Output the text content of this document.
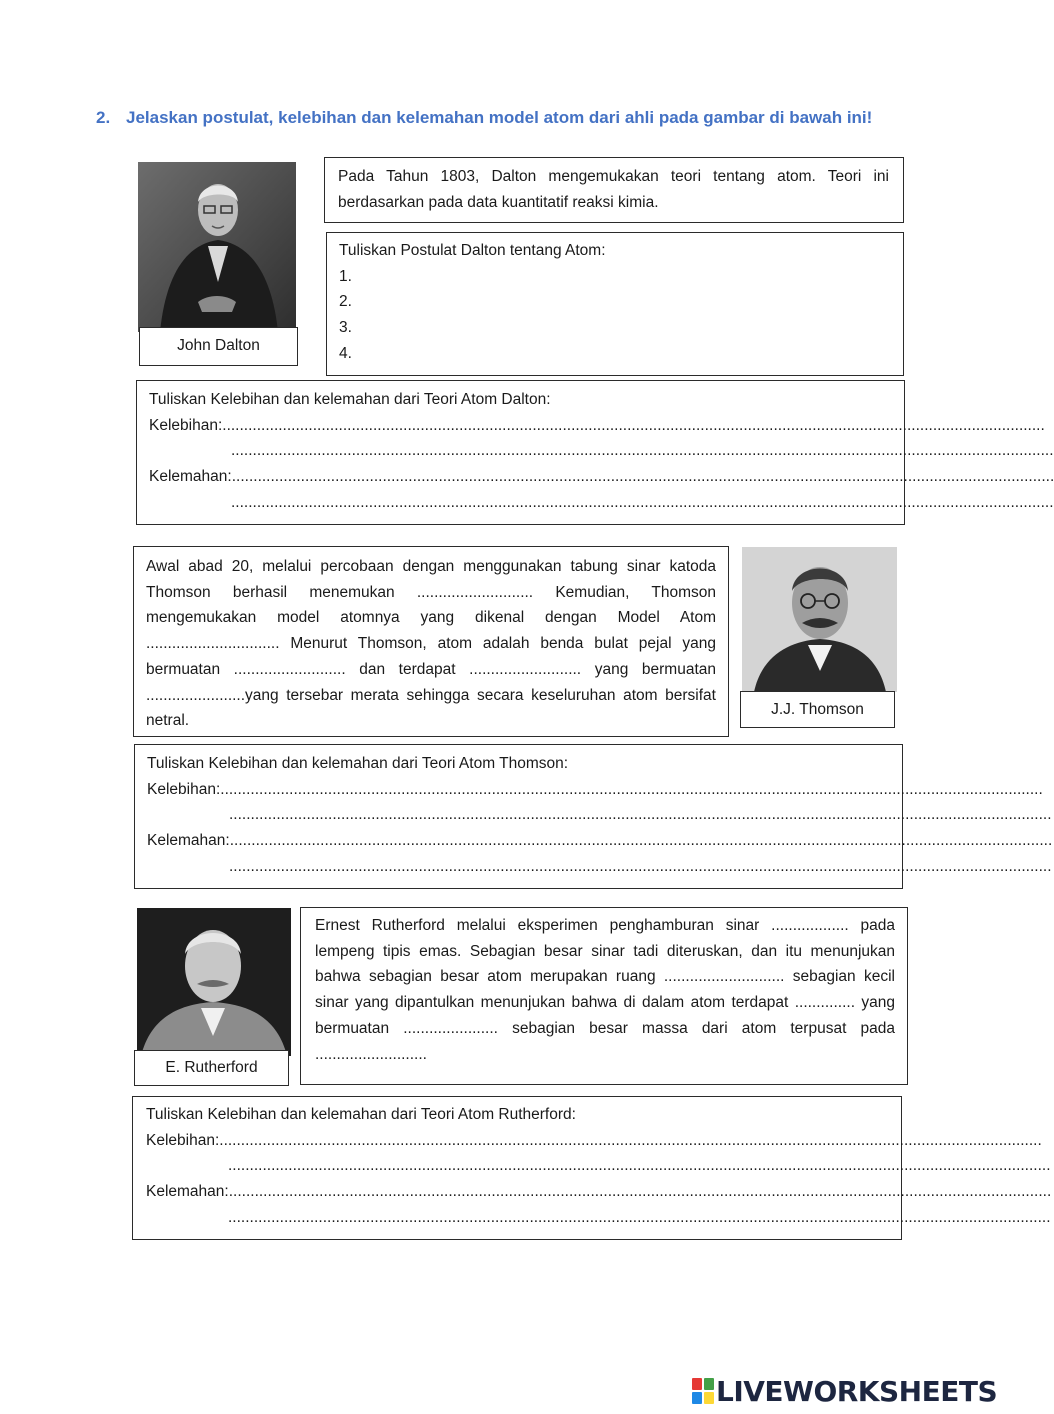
2. Jelaskan postulat, kelebihan dan kelemahan model atom dari ahli pada gambar di bawah ini!
John Dalton
Pada Tahun 1803, Dalton mengemukakan teori tentang atom. Teori ini berdasarkan pada data kuantitatif reaksi kimia.
Tuliskan Postulat Dalton tentang Atom:
1.
2.
3.
4.
Tuliskan Kelebihan dan kelemahan dari Teori Atom Dalton:
Kelebihan: ...............................................................................................................................................................................................
...............................................................................................................................................................................................
Kelemahan: ...............................................................................................................................................................................................
...............................................................................................................................................................................................
Awal abad 20, melalui percobaan dengan menggunakan tabung sinar katoda Thomson berhasil menemukan ........................... Kemudian, Thomson mengemukakan model atomnya yang dikenal dengan Model Atom ............................... Menurut Thomson, atom adalah benda bulat pejal yang bermuatan .......................... dan terdapat .......................... yang bermuatan .......................yang tersebar merata sehingga secara keseluruhan atom bersifat netral.
J.J. Thomson
Tuliskan Kelebihan dan kelemahan dari Teori Atom Thomson:
Kelebihan: ...............................................................................................................................................................................................
...............................................................................................................................................................................................
Kelemahan: ...............................................................................................................................................................................................
...............................................................................................................................................................................................
E. Rutherford
Ernest Rutherford melalui eksperimen penghamburan sinar .................. pada lempeng tipis emas. Sebagian besar sinar tadi diteruskan, dan itu menunjukan bahwa sebagian besar atom merupakan ruang ............................ sebagian kecil sinar yang dipantulkan menunjukan bahwa di dalam atom terdapat .............. yang bermuatan ...................... sebagian besar massa dari atom terpusat pada ..........................
Tuliskan Kelebihan dan kelemahan dari Teori Atom Rutherford:
Kelebihan: ...............................................................................................................................................................................................
...............................................................................................................................................................................................
Kelemahan: ...............................................................................................................................................................................................
...............................................................................................................................................................................................
LIVEWORKSHEETS
